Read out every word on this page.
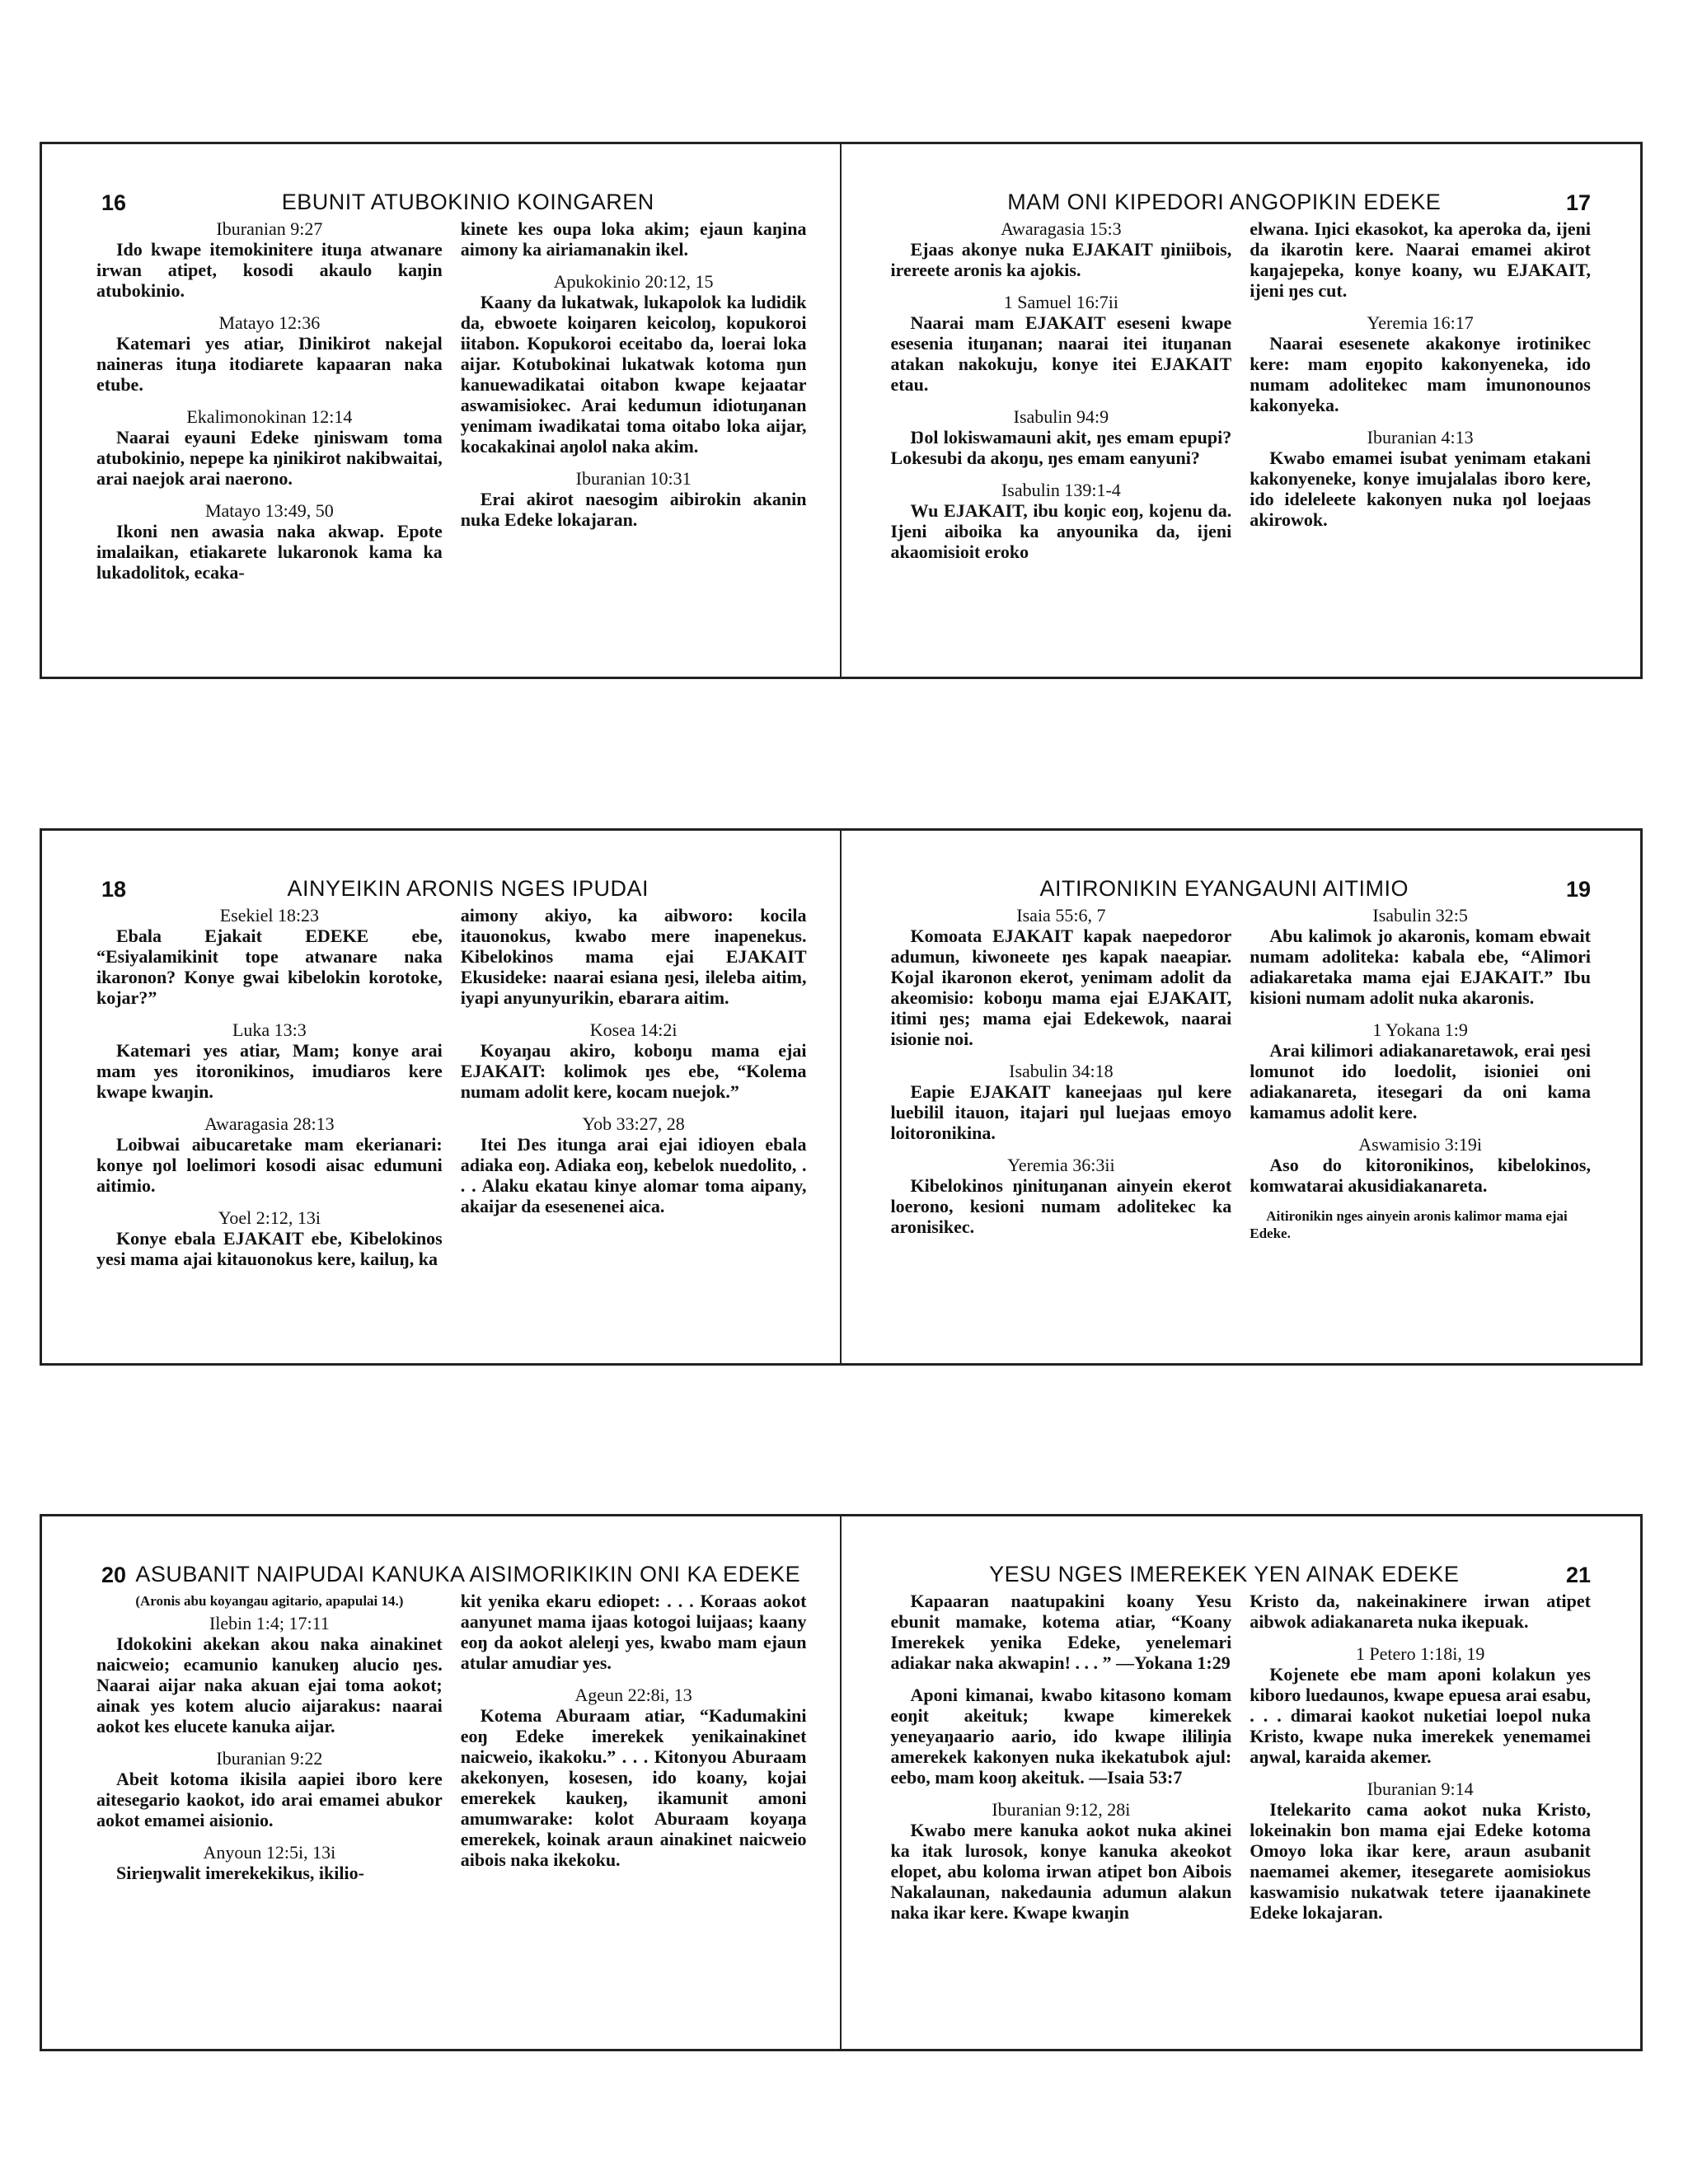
16	EBUNIT ATUBOKINIO KOINGAREN
Iburanian 9:27

Ido kwape itemokinitere ituŋa atwanare irwan atipet, kosodi akaulo kaŋin atubokinio.

Matayo 12:36

Katemari yes atiar, Ŋinikirot nakejal naineras ituŋa itodiarete kapaaran naka etube.

Ekalimonokinan 12:14

Naarai eyauni Edeke ŋiniswam toma atubokinio, nepepe ka ŋinikirot nakibwaitai, arai naejok arai naerono.

Matayo 13:49, 50

Ikoni nen awasia naka akwap. Epote imalaikan, etiakarete lukaronok kama ka lukadolitok, ecaka-

kinete kes oupa loka akim; ejaun kaŋina aimony ka airiamanakin ikel.

Apukokinio 20:12, 15

Kaany da lukatwak, lukapolok ka ludidik da, ebwoete koiŋaren keicoloŋ, kopukoroi iitabon. Kopukoroi eceitabo da, loerai loka aijar. Kotubokinai lukatwak kotoma ŋun kanuewadikatai oitabon kwape kejaatar aswamisiokec. Arai kedumun idiotuŋanan yenimam iwadikatai toma oitabo loka aijar, kocakakinai aŋolol naka akim.

Iburanian 10:31

Erai akirot naesogim aibirokin akanin nuka Edeke lokajaran.

17
MAM ONI KIPEDORI ANGOPIKIN EDEKE
Awaragasia 15:3

Ejaas akonye nuka EJAKAIT ŋiniibois, irereete aronis ka ajokis.

1 Samuel 16:7ii

Naarai mam EJAKAIT eseseni kwape esesenia ituŋanan; naarai itei ituŋanan atakan nakokuju, konye itei EJAKAIT etau.

Isabulin 94:9

Ŋol lokiswamauni akit, ŋes emam epupi? Lokesubi da akoŋu, ŋes emam eanyuni?

Isabulin 139:1-4

Wu EJAKAIT, ibu koŋic eoŋ, kojenu da. Ijeni aiboika ka anyounika da, ijeni akaomisioit eroko

elwana. Iŋici ekasokot, ka aperoka da, ijeni da ikarotin kere. Naarai emamei akirot kaŋajepeka, konye koany, wu EJAKAIT, ijeni ŋes cut.

Yeremia 16:17

Naarai esesenete akakonye irotinikec kere: mam eŋopito kakonyeneka, ido numam adolitekec mam imunonounos kakonyeka.

Iburanian 4:13

Kwabo emamei isubat yenimam etakani kakonyeneke, konye imujalalas iboro kere, ido ideleleete kakonyen nuka ŋol loejaas akirowok.

18	AINYEIKIN ARONIS NGES IPUDAI
Esekiel 18:23

Ebala Ejakait EDEKE ebe, “Esiyalamikinit tope atwanare naka ikaronon? Konye gwai kibelokin korotoke, kojar?”

Luka 13:3

Katemari yes atiar, Mam; konye arai mam yes itoronikinos, imudiaros kere kwape kwaŋin.

Awaragasia 28:13

Loibwai aibucaretake mam ekerianari: konye ŋol loelimori kosodi aisac edumuni aitimio.

Yoel 2:12, 13i

Konye ebala EJAKAIT ebe, Kibelokinos yesi mama ajai kitauonokus kere, kailuŋ, ka

aimony akiyo, ka aibworo: kocila itauonokus, kwabo mere inapenekus. Kibelokinos mama ejai EJAKAIT Ekusideke: naarai esiana ŋesi, ileleba aitim, iyapi anyunyurikin, ebarara aitim.

Kosea 14:2i

Koyaŋau akiro, koboŋu mama ejai EJAKAIT: kolimok ŋes ebe, “Kolema numam adolit kere, kocam nuejok.”

Yob 33:27, 28

Itei Ŋes itunga arai ejai idioyen ebala adiaka eoŋ. Adiaka eoŋ, kebelok nuedolito, . . . Alaku ekatau kinye alomar toma aipany, akaijar da esesenenei aica.

19
AITIRONIKIN EYANGAUNI AITIMIO
Isaia 55:6, 7

Komoata EJAKAIT kapak naepedoror adumun, kiwoneete ŋes kapak naeapiar. Kojal ikaronon ekerot, yenimam adolit da akeomisio: koboŋu mama ejai EJAKAIT, itimi ŋes; mama ejai Edekewok, naarai isionie noi.

Isabulin 34:18

Eapie EJAKAIT kaneejaas ŋul kere luebilil itauon, itajari ŋul luejaas emoyo loitoronikina.

Yeremia 36:3ii

Kibelokinos ŋinituŋanan ainyein ekerot loerono, kesioni numam adolitekec ka aronisikec.

Isabulin 32:5

Abu kalimok jo akaronis, komam ebwait numam adoliteka: kabala ebe, “Alimori adiakaretaka mama ejai EJAKAIT.” Ibu kisioni numam adolit nuka akaronis.

1 Yokana 1:9

Arai kilimori adiakanaretawok, erai ŋesi lomunot ido loedolit, isioniei oni adiakanareta, itesegari da oni kama kamamus adolit kere.

Aswamisio 3:19i

Aso do kitoronikinos, kibelokinos, komwatarai akusidiakanareta.

Aitironikin nges ainyein aronis kalimor mama ejai Edeke.

20 ASUBANIT NAIPUDAI KANUKA AISIMORIKIKIN ONI KA EDEKE
(Aronis abu koyangau agitario, apapulai 14.)
Ilebin 1:4; 17:11

Idokokini akekan akou naka ainakinet naicweio; ecamunio kanukeŋ alucio ŋes. Naarai aijar naka akuan ejai toma aokot; ainak yes kotem alucio aijarakus: naarai aokot kes elucete kanuka aijar.

Iburanian 9:22

Abeit kotoma ikisila aapiei iboro kere aitesegario kaokot, ido arai emamei abukor aokot emamei aisionio.

Anyoun 12:5i, 13i

Sirieŋwalit imerekekikus, ikilio-

kit yenika ekaru ediopet: . . . Koraas aokot aanyunet mama ijaas kotogoi luijaas; kaany eoŋ da aokot aleleŋi yes, kwabo mam ejaun atular amudiar yes.

Ageun 22:8i, 13

Kotema Aburaam atiar, “Kadumakini eoŋ Edeke imerekek yenikainakinet naicweio, ikakoku.” . . . Kitonyou Aburaam akekonyen, kosesen, ido koany, kojai emerekek kaukeŋ, ikamunit amoni amumwarake: kolot Aburaam koyaŋa emerekek, koinak araun ainakinet naicweio aibois naka ikekoku.

21
YESU NGES IMEREKEK YEN AINAK EDEKE

Kapaaran naatupakini koany Yesu ebunit mamake, kotema atiar, “Koany Imerekek yenika Edeke, yenelemari adiakar naka akwapin! . . . ” —Yokana 1:29

Aponi kimanai, kwabo kitasono komam eoŋit akeituk; kwape kimerekek yeneyaŋaario aario, ido kwape ililiŋia amerekek kakonyen nuka ikekatubok ajul: eebo, mam kooŋ akeituk. —Isaia 53:7

Iburanian 9:12, 28i

Kwabo mere kanuka aokot nuka akinei ka itak lurosok, konye kanuka akeokot elopet, abu koloma irwan atipet bon Aibois Nakalaunan, nakedaunia adumun alakun naka ikar kere. Kwape kwaŋin

Kristo da, nakeinakinere irwan atipet aibwok adiakanareta nuka ikepuak.

1 Petero 1:18i, 19

Kojenete ebe mam aponi kolakun yes kiboro luedaunos, kwape epuesa arai esabu, . . . dimarai kaokot nuketiai loepol nuka Kristo, kwape nuka imerekek yenemamei aŋwal, karaida akemer.

Iburanian 9:14

Itelekarito cama aokot nuka Kristo, lokeinakin bon mama ejai Edeke kotoma Omoyo loka ikar kere, araun asubanit naemamei akemer, itesegarete aomisiokus kaswamisio nukatwak tetere ijaanakinete Edeke lokajaran.
